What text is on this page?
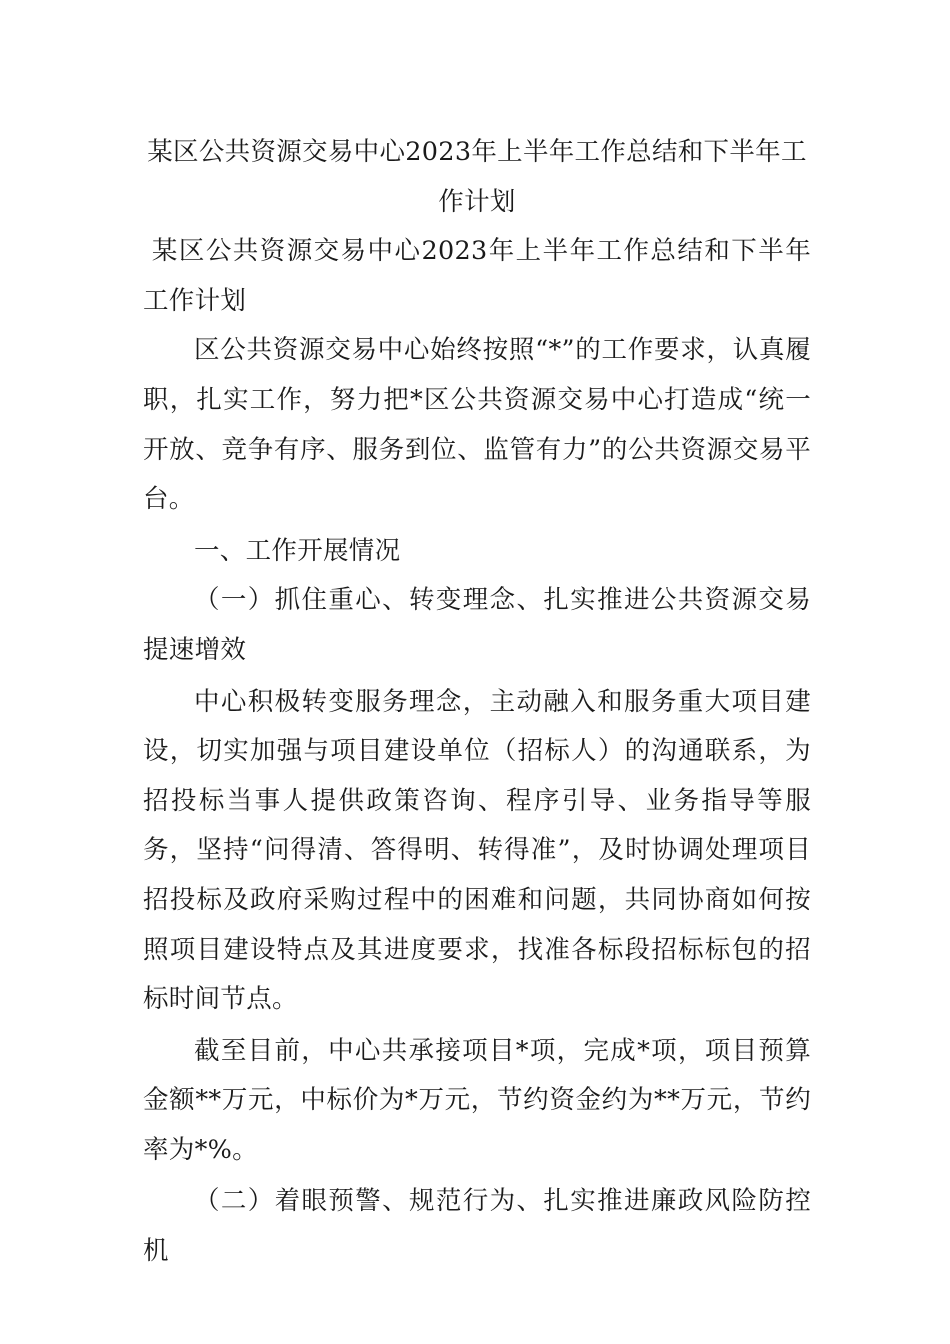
某区公共资源交易中心2023年上半年工作总结和下半年工作计划

某区公共资源交易中心2023年上半年工作总结和下半年工作计划

区公共资源交易中心始终按照“*”的工作要求，认真履职，扎实工作，努力把*区公共资源交易中心打造成“统一开放、竞争有序、服务到位、监管有力”的公共资源交易平台。

一、工作开展情况

（一）抓住重心、转变理念、扎实推进公共资源交易提速增效

中心积极转变服务理念，主动融入和服务重大项目建设，切实加强与项目建设单位（招标人）的沟通联系，为招投标当事人提供政策咨询、程序引导、业务指导等服务，坚持“问得清、答得明、转得准”，及时协调处理项目招投标及政府采购过程中的困难和问题，共同协商如何按照项目建设特点及其进度要求，找准各标段招标标包的招标时间节点。

截至目前，中心共承接项目*项，完成*项，项目预算金额**万元，中标价为*万元，节约资金约为**万元，节约率为*%。

（二）着眼预警、规范行为、扎实推进廉政风险防控机
